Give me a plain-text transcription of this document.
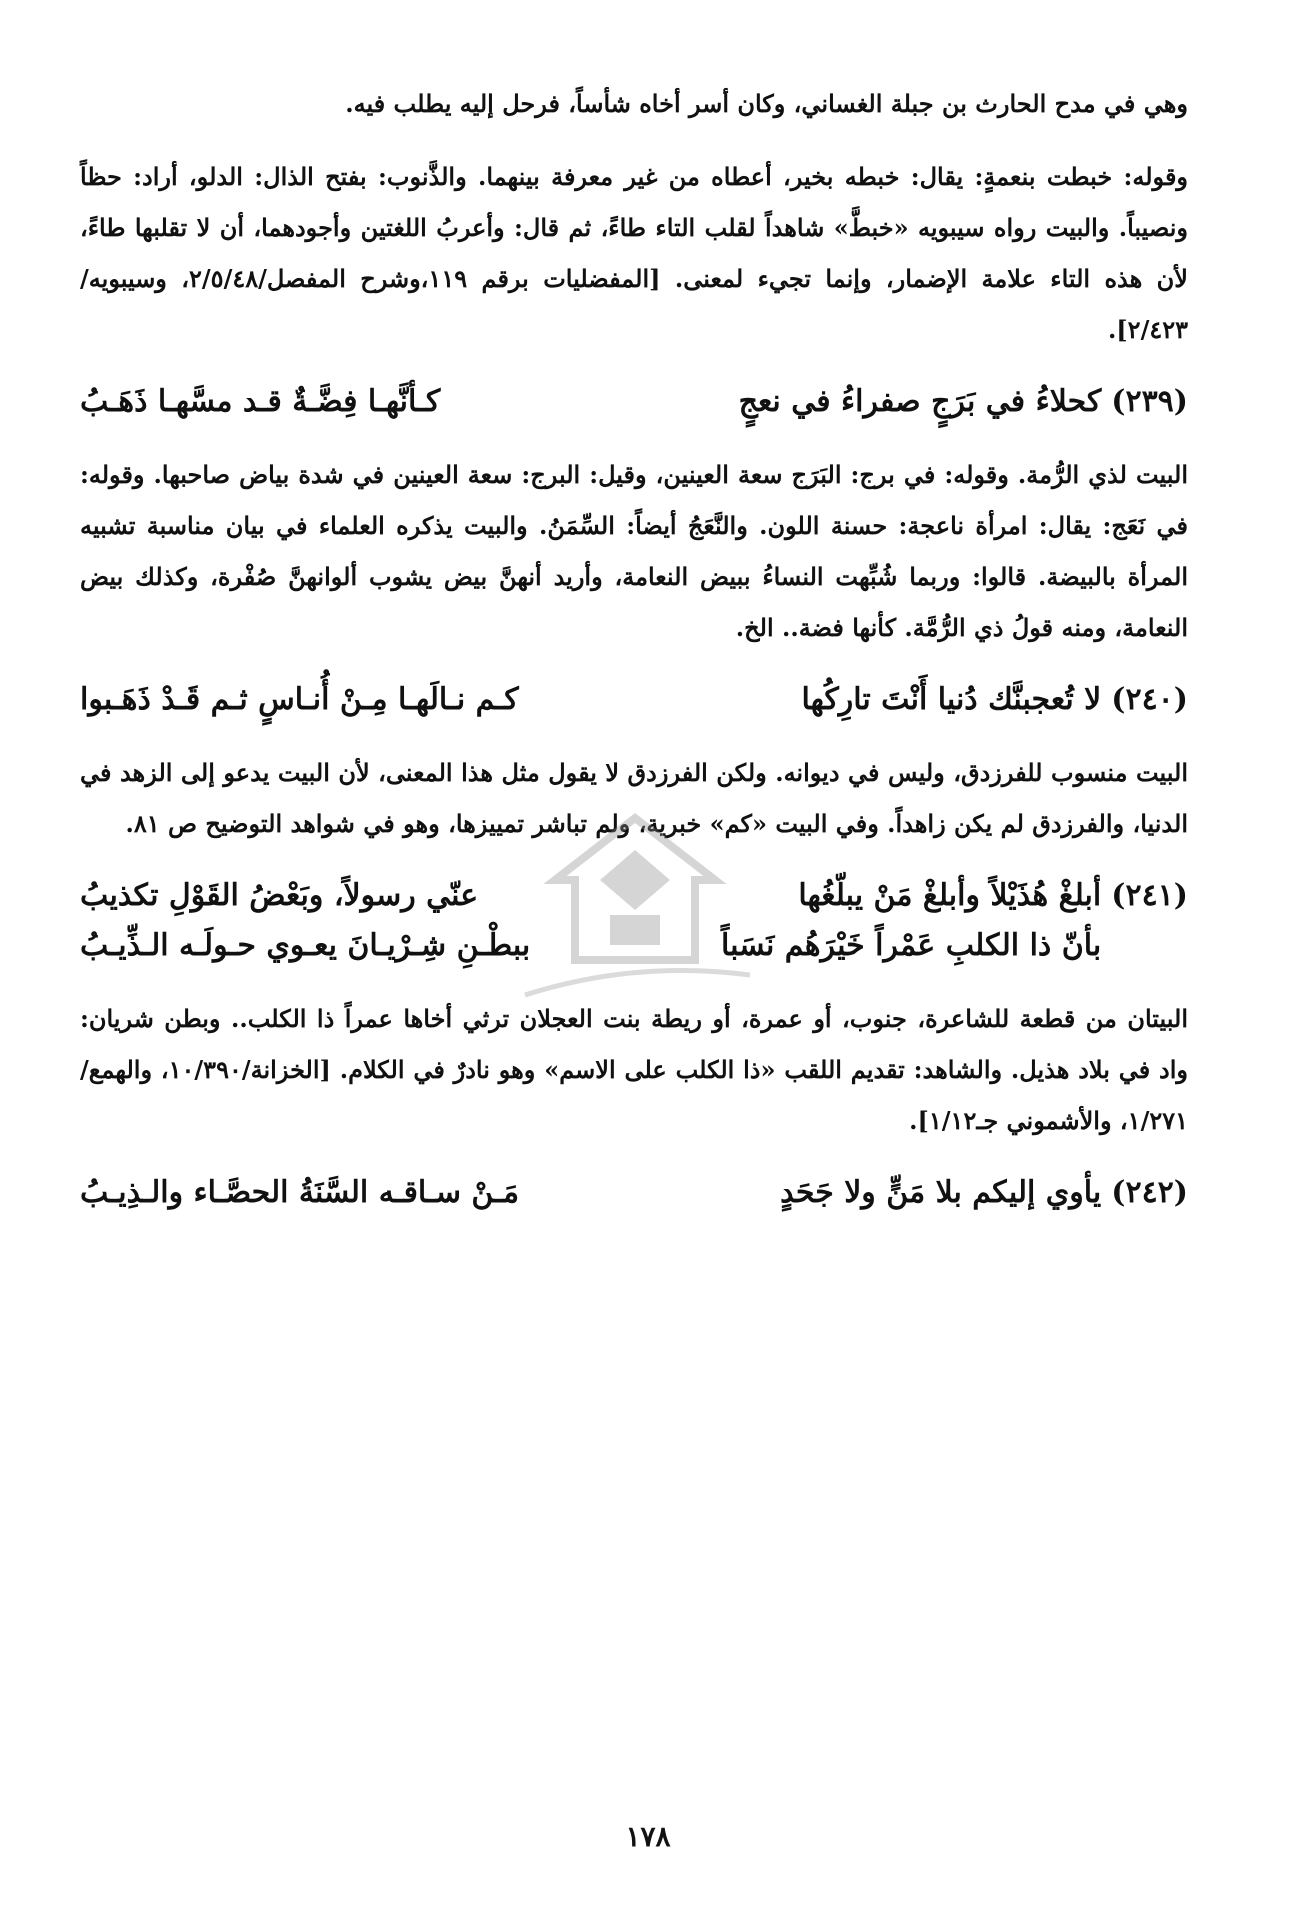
وهي في مدح الحارث بن جبلة الغساني، وكان أسر أخاه شأساً، فرحل إليه يطلب فيه.

وقوله: خبطت بنعمةٍ: يقال: خبطه بخير، أعطاه من غير معرفة بينهما. والذَّنوب: بفتح الذال: الدلو، أراد: حظاً ونصيباً. والبيت رواه سيبويه «خبطَّ» شاهداً لقلب التاء طاءً، ثم قال: وأعربُ اللغتين وأجودهما، أن لا تقلبها طاءً، لأن هذه التاء علامة الإضمار، وإنما تجيء لمعنى. [المفضليات برقم ١١٩،وشرح المفصل/٢/٥/٤٨، وسيبويه/٢/٤٢٣].

(٢٣٩)
كحلاءُ في بَرَجٍ صفراءُ في نعجٍ
كـأنَّهـا فِضَّـةٌ قـد مسَّهـا ذَهَـبُ

البيت لذي الرُّمة. وقوله: في برج: البَرَج سعة العينين، وقيل: البرج: سعة العينين في شدة بياض صاحبها. وقوله: في نَعَج: يقال: امرأة ناعجة: حسنة اللون. والنَّعَجُ أيضاً: السِّمَنُ. والبيت يذكره العلماء في بيان مناسبة تشبيه المرأة بالبيضة. قالوا: وربما شُبِّهت النساءُ ببيض النعامة، وأريد أنهنَّ بيض يشوب ألوانهنَّ صُفْرة، وكذلك بيض النعامة، ومنه قولُ ذي الرُّمَّة. كأنها فضة.. الخ.

(٢٤٠)
لا تُعجبنَّك دُنيا أَنْتَ تارِكُها
كـم نـالَهـا مِـنْ أُنـاسٍ ثـم قَـدْ ذَهَـبوا

البيت منسوب للفرزدق، وليس في ديوانه. ولكن الفرزدق لا يقول مثل هذا المعنى، لأن البيت يدعو إلى الزهد في الدنيا، والفرزدق لم يكن زاهداً. وفي البيت «كم» خبرية، ولم تباشر تمييزها، وهو في شواهد التوضيح ص ٨١.

(٢٤١)
أبلغْ هُذَيْلاً وأبلغْ مَنْ يبلّغُها
عنّي رسولاً، وبَعْضُ القَوْلِ تكذيبُ
بأنّ ذا الكلبِ عَمْراً خَيْرَهُم نَسَباً
ببطْـنِ شِـرْيـانَ يعـوي حـولَـه الـذِّيـبُ

البيتان من قطعة للشاعرة، جنوب، أو عمرة، أو ريطة بنت العجلان ترثي أخاها عمراً ذا الكلب.. وبطن شريان: واد في بلاد هذيل. والشاهد: تقديم اللقب «ذا الكلب على الاسم» وهو نادرٌ في الكلام. [الخزانة/١٠/٣٩٠، والهمع/١/٢٧١، والأشموني جـ١/١٢].

(٢٤٢)
يأوي إليكم بلا مَنٍّ ولا جَحَدٍ
مَـنْ سـاقـه السَّنَةُ الحصَّـاء والـذِيـبُ
١٧٨
